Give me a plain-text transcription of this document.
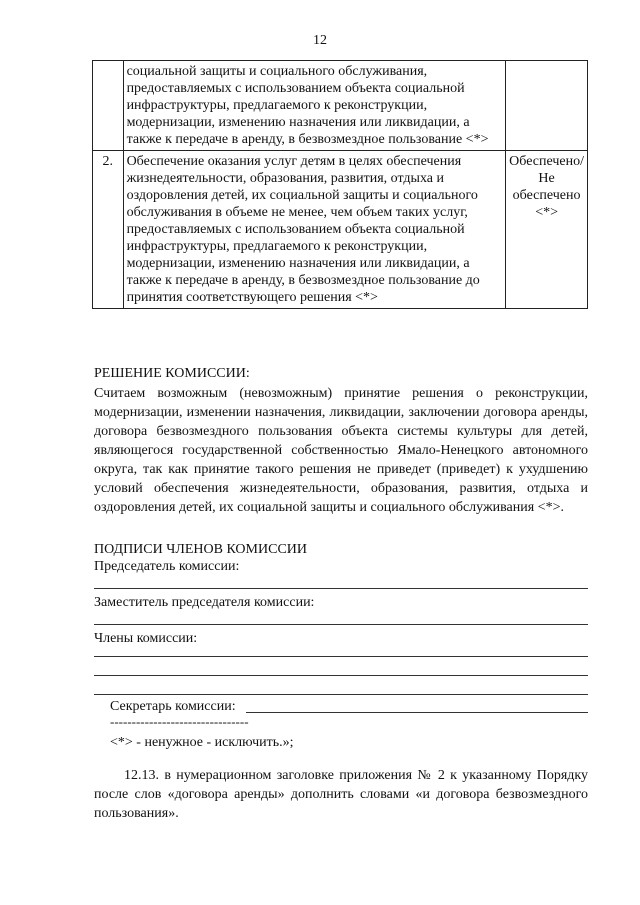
12
	социальной защиты и социального обслуживания, предоставляемых с использованием объекта социальной инфраструктуры, предлагаемого к реконструкции, модернизации, изменению назначения или ликвидации, а также к передаче в аренду, в безвозмездное пользование <*>	
2.	Обеспечение оказания услуг детям в целях обеспечения жизнедеятельности, образования, развития, отдыха и оздоровления детей, их социальной защиты и социального обслуживания в объеме не менее, чем объем таких услуг, предоставляемых с использованием объекта социальной инфраструктуры, предлагаемого к реконструкции, модернизации, изменению назначения или ликвидации, а также к передаче в аренду, в безвозмездное пользование до принятия соответствующего решения <*>	Обеспечено/Не обеспечено <*>
РЕШЕНИЕ КОМИССИИ:
Считаем возможным (невозможным) принятие решения о реконструкции, модернизации, изменении назначения, ликвидации, заключении договора аренды, договора безвозмездного пользования объекта системы культуры для детей, являющегося государственной собственностью Ямало-Ненецкого автономного округа, так как принятие такого решения не приведет (приведет) к ухудшению условий обеспечения жизнедеятельности, образования, развития, отдыха и оздоровления детей, их социальной защиты и социального обслуживания <*>.
ПОДПИСИ ЧЛЕНОВ КОМИССИИ
Председатель комиссии:
Заместитель председателя комиссии:
Члены комиссии:
Секретарь комиссии:
--------------------------------
<*> - ненужное - исключить.»;
12.13. в нумерационном заголовке приложения № 2 к указанному Порядку после слов «договора аренды» дополнить словами «и договора безвозмездного пользования».
